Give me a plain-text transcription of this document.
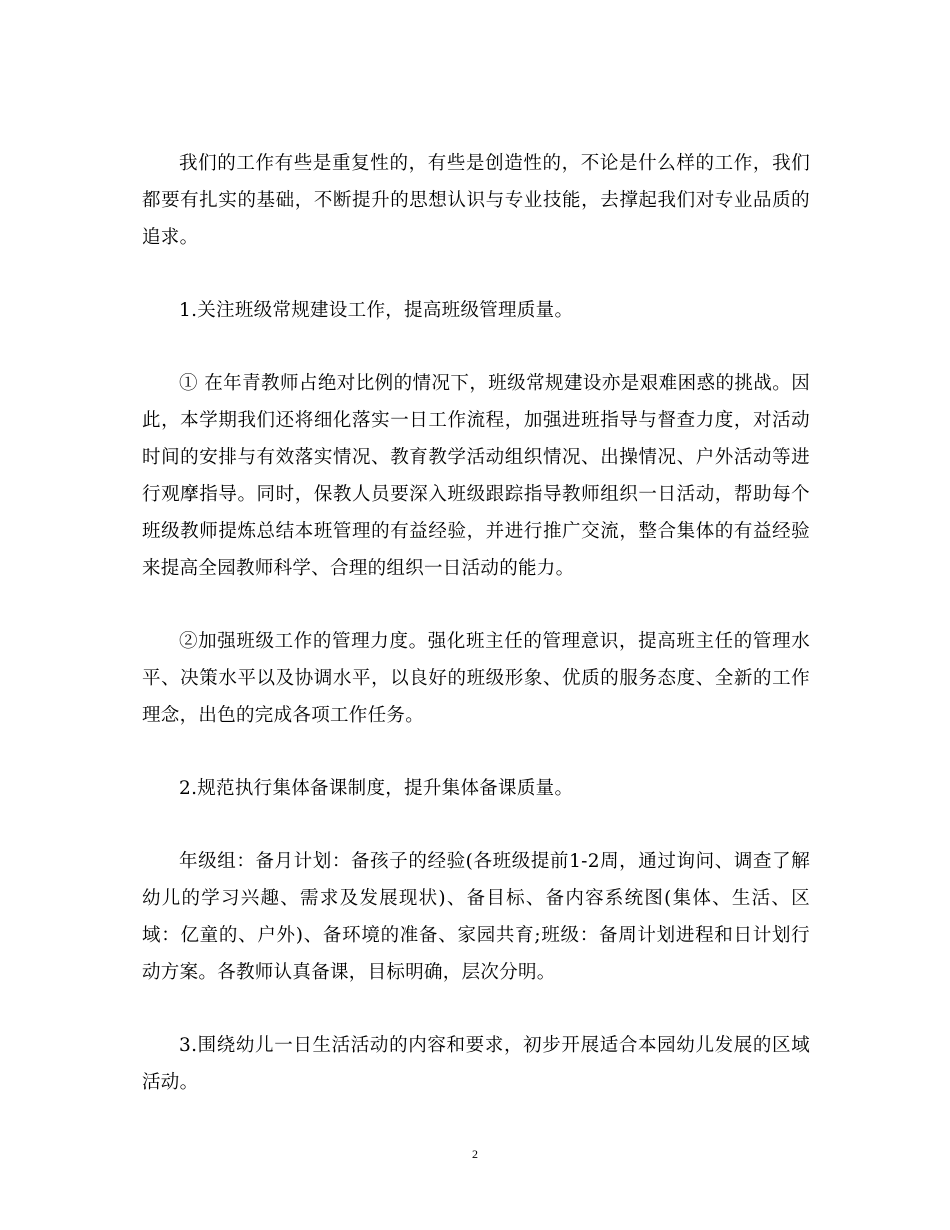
我们的工作有些是重复性的，有些是创造性的，不论是什么样的工作，我们都要有扎实的基础，不断提升的思想认识与专业技能，去撑起我们对专业品质的追求。

1.关注班级常规建设工作，提高班级管理质量。

① 在年青教师占绝对比例的情况下，班级常规建设亦是艰难困惑的挑战。因此，本学期我们还将细化落实一日工作流程，加强进班指导与督查力度，对活动时间的安排与有效落实情况、教育教学活动组织情况、出操情况、户外活动等进行观摩指导。同时，保教人员要深入班级跟踪指导教师组织一日活动，帮助每个班级教师提炼总结本班管理的有益经验，并进行推广交流，整合集体的有益经验来提高全园教师科学、合理的组织一日活动的能力。

②加强班级工作的管理力度。强化班主任的管理意识，提高班主任的管理水平、决策水平以及协调水平，以良好的班级形象、优质的服务态度、全新的工作理念，出色的完成各项工作任务。

2.规范执行集体备课制度，提升集体备课质量。

年级组：备月计划：备孩子的经验(各班级提前1-2周，通过询问、调查了解幼儿的学习兴趣、需求及发展现状)、备目标、备内容系统图(集体、生活、区域：亿童的、户外)、备环境的准备、家园共育;班级：备周计划进程和日计划行动方案。各教师认真备课，目标明确，层次分明。

3.围绕幼儿一日生活活动的内容和要求，初步开展适合本园幼儿发展的区域活动。

2
